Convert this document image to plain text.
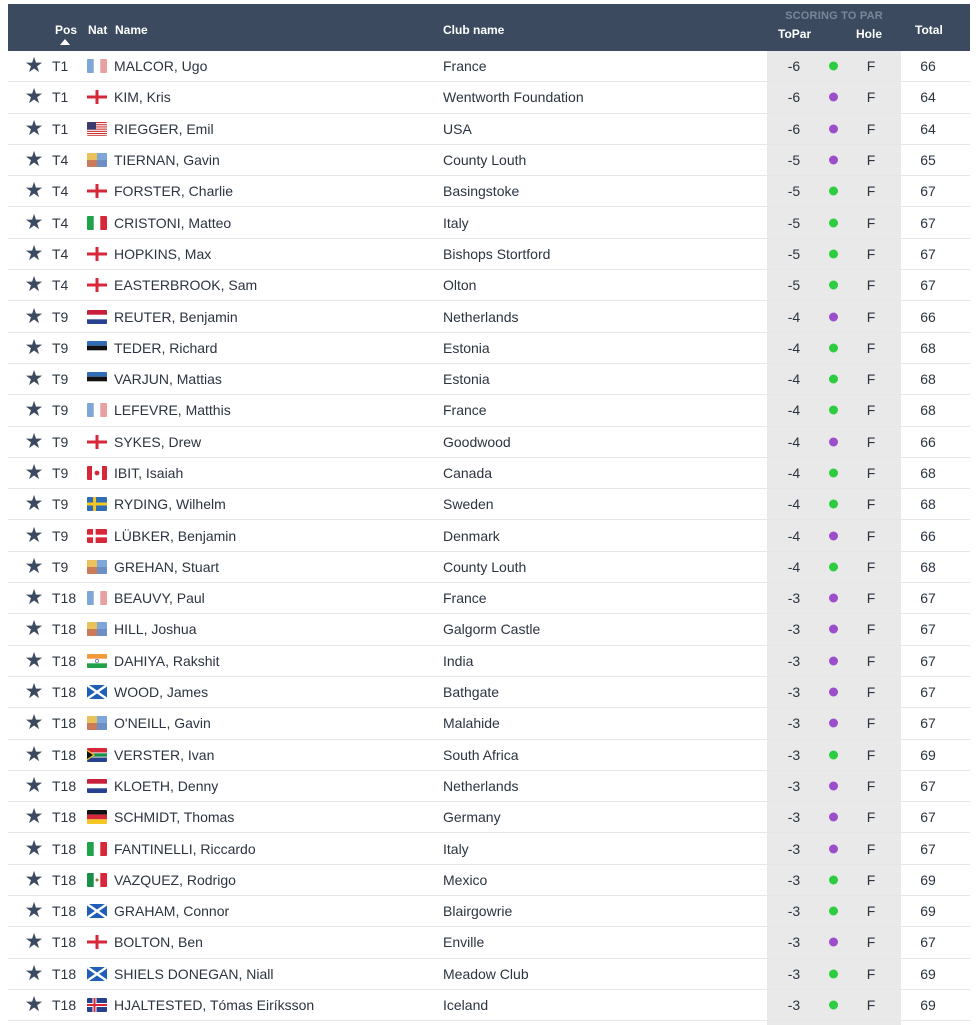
Pos Nat Name	Club name
SCORING TO PAR
ToPar	Hole	Total
★ T1	MALCOR, Ugo	France	-6	F	66
★ T1	KIM, Kris	Wentworth Foundation	-6	F	64
★ T1	RIEGGER, Emil	USA	-6	F	64
★ T4	TIERNAN, Gavin	County Louth	-5	F	65
★ T4	FORSTER, Charlie	Basingstoke	-5	F	67
★ T4	CRISTONI, Matteo	Italy	-5	F	67
★ T4	HOPKINS, Max	Bishops Stortford	-5	F	67
★ T4	EASTERBROOK, Sam	Olton	-5	F	67
★ T9	REUTER, Benjamin	Netherlands	-4	F	66
★ T9	TEDER, Richard	Estonia	-4	F	68
★ T9	VARJUN, Mattias	Estonia	-4	F	68
★ T9	LEFEVRE, Matthis	France	-4	F	68
★ T9	SYKES, Drew	Goodwood	-4	F	66
★ T9	IBIT, Isaiah	Canada	-4	F	68
★ T9	RYDING, Wilhelm	Sweden	-4	F	68
★ T9	LÜBKER, Benjamin	Denmark	-4	F	66
★ T9	GREHAN, Stuart	County Louth	-4	F	68
★ T18	BEAUVY, Paul	France	-3	F	67
★ T18	HILL, Joshua	Galgorm Castle	-3	F	67
★ T18	DAHIYA, Rakshit	India	-3	F	67
★ T18	WOOD, James	Bathgate	-3	F	67
★ T18	O'NEILL, Gavin	Malahide	-3	F	67
★ T18	VERSTER, Ivan	South Africa	-3	F	69
★ T18	KLOETH, Denny	Netherlands	-3	F	67
★ T18	SCHMIDT, Thomas	Germany	-3	F	67
★ T18	FANTINELLI, Riccardo	Italy	-3	F	67
★ T18	VAZQUEZ, Rodrigo	Mexico	-3	F	69
★ T18	GRAHAM, Connor	Blairgowrie	-3	F	69
★ T18	BOLTON, Ben	Enville	-3	F	67
★ T18	SHIELS DONEGAN, Niall	Meadow Club	-3	F	69
★ T18	HJALTESTED, Tómas Eiríksson	Iceland	-3	F	69
